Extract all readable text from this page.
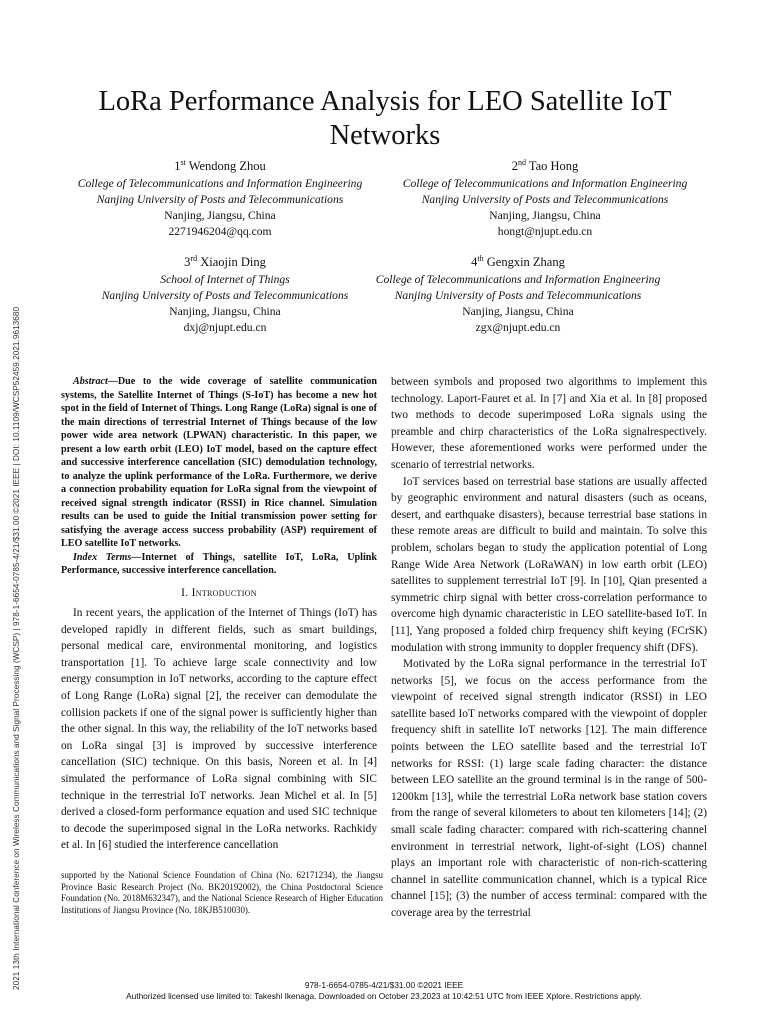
2021 13th International Conference on Wireless Communications and Signal Processing (WCSP) | 978-1-6654-0785-4/21/$31.00 ©2021 IEEE | DOI: 10.1109/WCSP52459.2021.9613680
LoRa Performance Analysis for LEO Satellite IoT Networks
1st Wendong Zhou
College of Telecommunications and Information Engineering
Nanjing University of Posts and Telecommunications
Nanjing, Jiangsu, China
2271946204@qq.com
2nd Tao Hong
College of Telecommunications and Information Engineering
Nanjing University of Posts and Telecommunications
Nanjing, Jiangsu, China
hongt@njupt.edu.cn
3rd Xiaojin Ding
School of Internet of Things
Nanjing University of Posts and Telecommunications
Nanjing, Jiangsu, China
dxj@njupt.edu.cn
4th Gengxin Zhang
College of Telecommunications and Information Engineering
Nanjing University of Posts and Telecommunications
Nanjing, Jiangsu, China
zgx@njupt.edu.cn

Abstract—Due to the wide coverage of satellite communication systems, the Satellite Internet of Things (S-IoT) has become a new hot spot in the field of Internet of Things. Long Range (LoRa) signal is one of the main directions of terrestrial Internet of Things because of the low power wide area network (LPWAN) characteristic. In this paper, we present a low earth orbit (LEO) IoT model, based on the capture effect and successive interference cancellation (SIC) demodulation technology, to analyze the uplink performance of the LoRa. Furthermore, we derive a connection probability equation for LoRa signal from the viewpoint of received signal strength indicator (RSSI) in Rice channel. Simulation results can be used to guide the Initial transmission power setting for satisfying the average access success probability (ASP) requirement of LEO satellite IoT networks.

Index Terms—Internet of Things, satellite IoT, LoRa, Uplink Performance, successive interference cancellation.

I. Introduction

In recent years, the application of the Internet of Things (IoT) has developed rapidly in different fields, such as smart buildings, personal medical care, environmental monitoring, and logistics transportation [1]. To achieve large scale connectivity and low energy consumption in IoT networks, according to the capture effect of Long Range (LoRa) signal [2], the receiver can demodulate the collision packets if one of the signal power is sufficiently higher than the other signal. In this way, the reliability of the IoT networks based on LoRa singal [3] is improved by successive interference cancellation (SIC) technique. On this basis, Noreen et al. In [4] simulated the performance of LoRa signal combining with SIC technique in the terrestrial IoT networks. Jean Michel et al. In [5] derived a closed-form performance equation and used SIC technique to decode the superimposed signal in the LoRa networks. Rachkidy et al. In [6] studied the interference cancellation

supported by the National Science Foundation of China (No. 62171234), the Jiangsu Province Basic Research Project (No. BK20192002), the China Postdoctoral Science Foundation (No. 2018M632347), and the National Science Research of Higher Education Institutions of Jiangsu Province (No. 18KJB510030).

between symbols and proposed two algorithms to implement this technology. Laport-Fauret et al. In [7] and Xia et al. In [8] proposed two methods to decode superimposed LoRa signals using the preamble and chirp characteristics of the LoRa signalrespectively. However, these aforementioned works were performed under the scenario of terrestrial networks.

IoT services based on terrestrial base stations are usually affected by geographic environment and natural disasters (such as oceans, desert, and earthquake disasters), because terrestrial base stations in these remote areas are difficult to build and maintain. To solve this problem, scholars began to study the application potential of Long Range Wide Area Network (LoRaWAN) in low earth orbit (LEO) satellites to supplement terrestrial IoT [9]. In [10], Qian presented a symmetric chirp signal with better cross-correlation performance to overcome high dynamic characteristic in LEO satellite-based IoT. In [11], Yang proposed a folded chirp frequency shift keying (FCrSK) modulation with strong immunity to doppler frequency shift (DFS).

Motivated by the LoRa signal performance in the terrestrial IoT networks [5], we focus on the access performance from the viewpoint of received signal strength indicator (RSSI) in LEO satellite based IoT networks compared with the viewpoint of doppler frequency shift in satellite IoT networks [12]. The main difference points between the LEO satellite based and the terrestrial IoT networks for RSSI: (1) large scale fading character: the distance between LEO satellite an the ground terminal is in the range of 500-1200km [13], while the terrestrial LoRa network base station covers from the range of several kilometers to about ten kilometers [14]; (2) small scale fading character: compared with rich-scattering channel environment in terrestrial network, light-of-sight (LOS) channel plays an important role with characteristic of non-rich-scattering channel in satellite communication channel, which is a typical Rice channel [15]; (3) the number of access terminal: compared with the coverage area by the terrestrial

978-1-6654-0785-4/21/$31.00 ©2021 IEEE
Authorized licensed use limited to: Takeshi Ikenaga. Downloaded on October 23,2023 at 10:42:51 UTC from IEEE Xplore. Restrictions apply.
